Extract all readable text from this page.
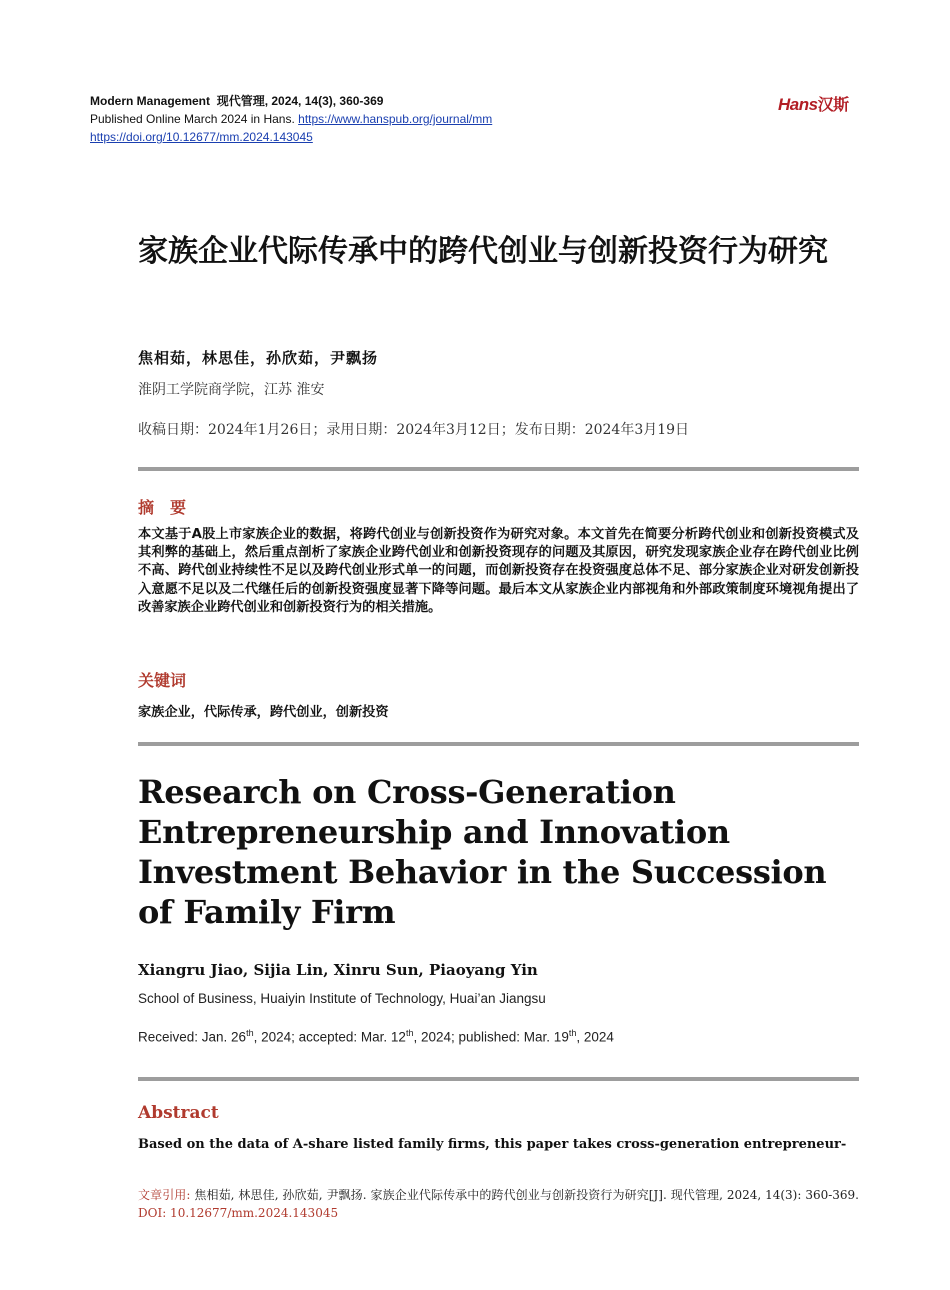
Modern Management 现代管理, 2024, 14(3), 360-369
Published Online March 2024 in Hans. https://www.hanspub.org/journal/mm
https://doi.org/10.12677/mm.2024.143045
Hans汉斯
家族企业代际传承中的跨代创业与创新投资行为研究
焦相茹，林思佳，孙欣茹，尹飘扬
淮阴工学院商学院，江苏 淮安
收稿日期：2024年1月26日；录用日期：2024年3月12日；发布日期：2024年3月19日
摘　要
本文基于A股上市家族企业的数据，将跨代创业与创新投资作为研究对象。本文首先在简要分析跨代创业和创新投资模式及其利弊的基础上，然后重点剖析了家族企业跨代创业和创新投资现存的问题及其原因，研究发现家族企业存在跨代创业比例不高、跨代创业持续性不足以及跨代创业形式单一的问题，而创新投资存在投资强度总体不足、部分家族企业对研发创新投入意愿不足以及二代继任后的创新投资强度显著下降等问题。最后本文从家族企业内部视角和外部政策制度环境视角提出了改善家族企业跨代创业和创新投资行为的相关措施。
关键词
家族企业，代际传承，跨代创业，创新投资
Research on Cross-Generation
Entrepreneurship and Innovation
Investment Behavior in the Succession
of Family Firm
Xiangru Jiao, Sijia Lin, Xinru Sun, Piaoyang Yin
School of Business, Huaiyin Institute of Technology, Huai’an Jiangsu
Received: Jan. 26th, 2024; accepted: Mar. 12th, 2024; published: Mar. 19th, 2024
Abstract
Based on the data of A-share listed family firms, this paper takes cross-generation entrepreneur-
文章引用: 焦相茹, 林思佳, 孙欣茹, 尹飘扬. 家族企业代际传承中的跨代创业与创新投资行为研究[J]. 现代管理, 2024, 14(3): 360-369. DOI: 10.12677/mm.2024.143045
